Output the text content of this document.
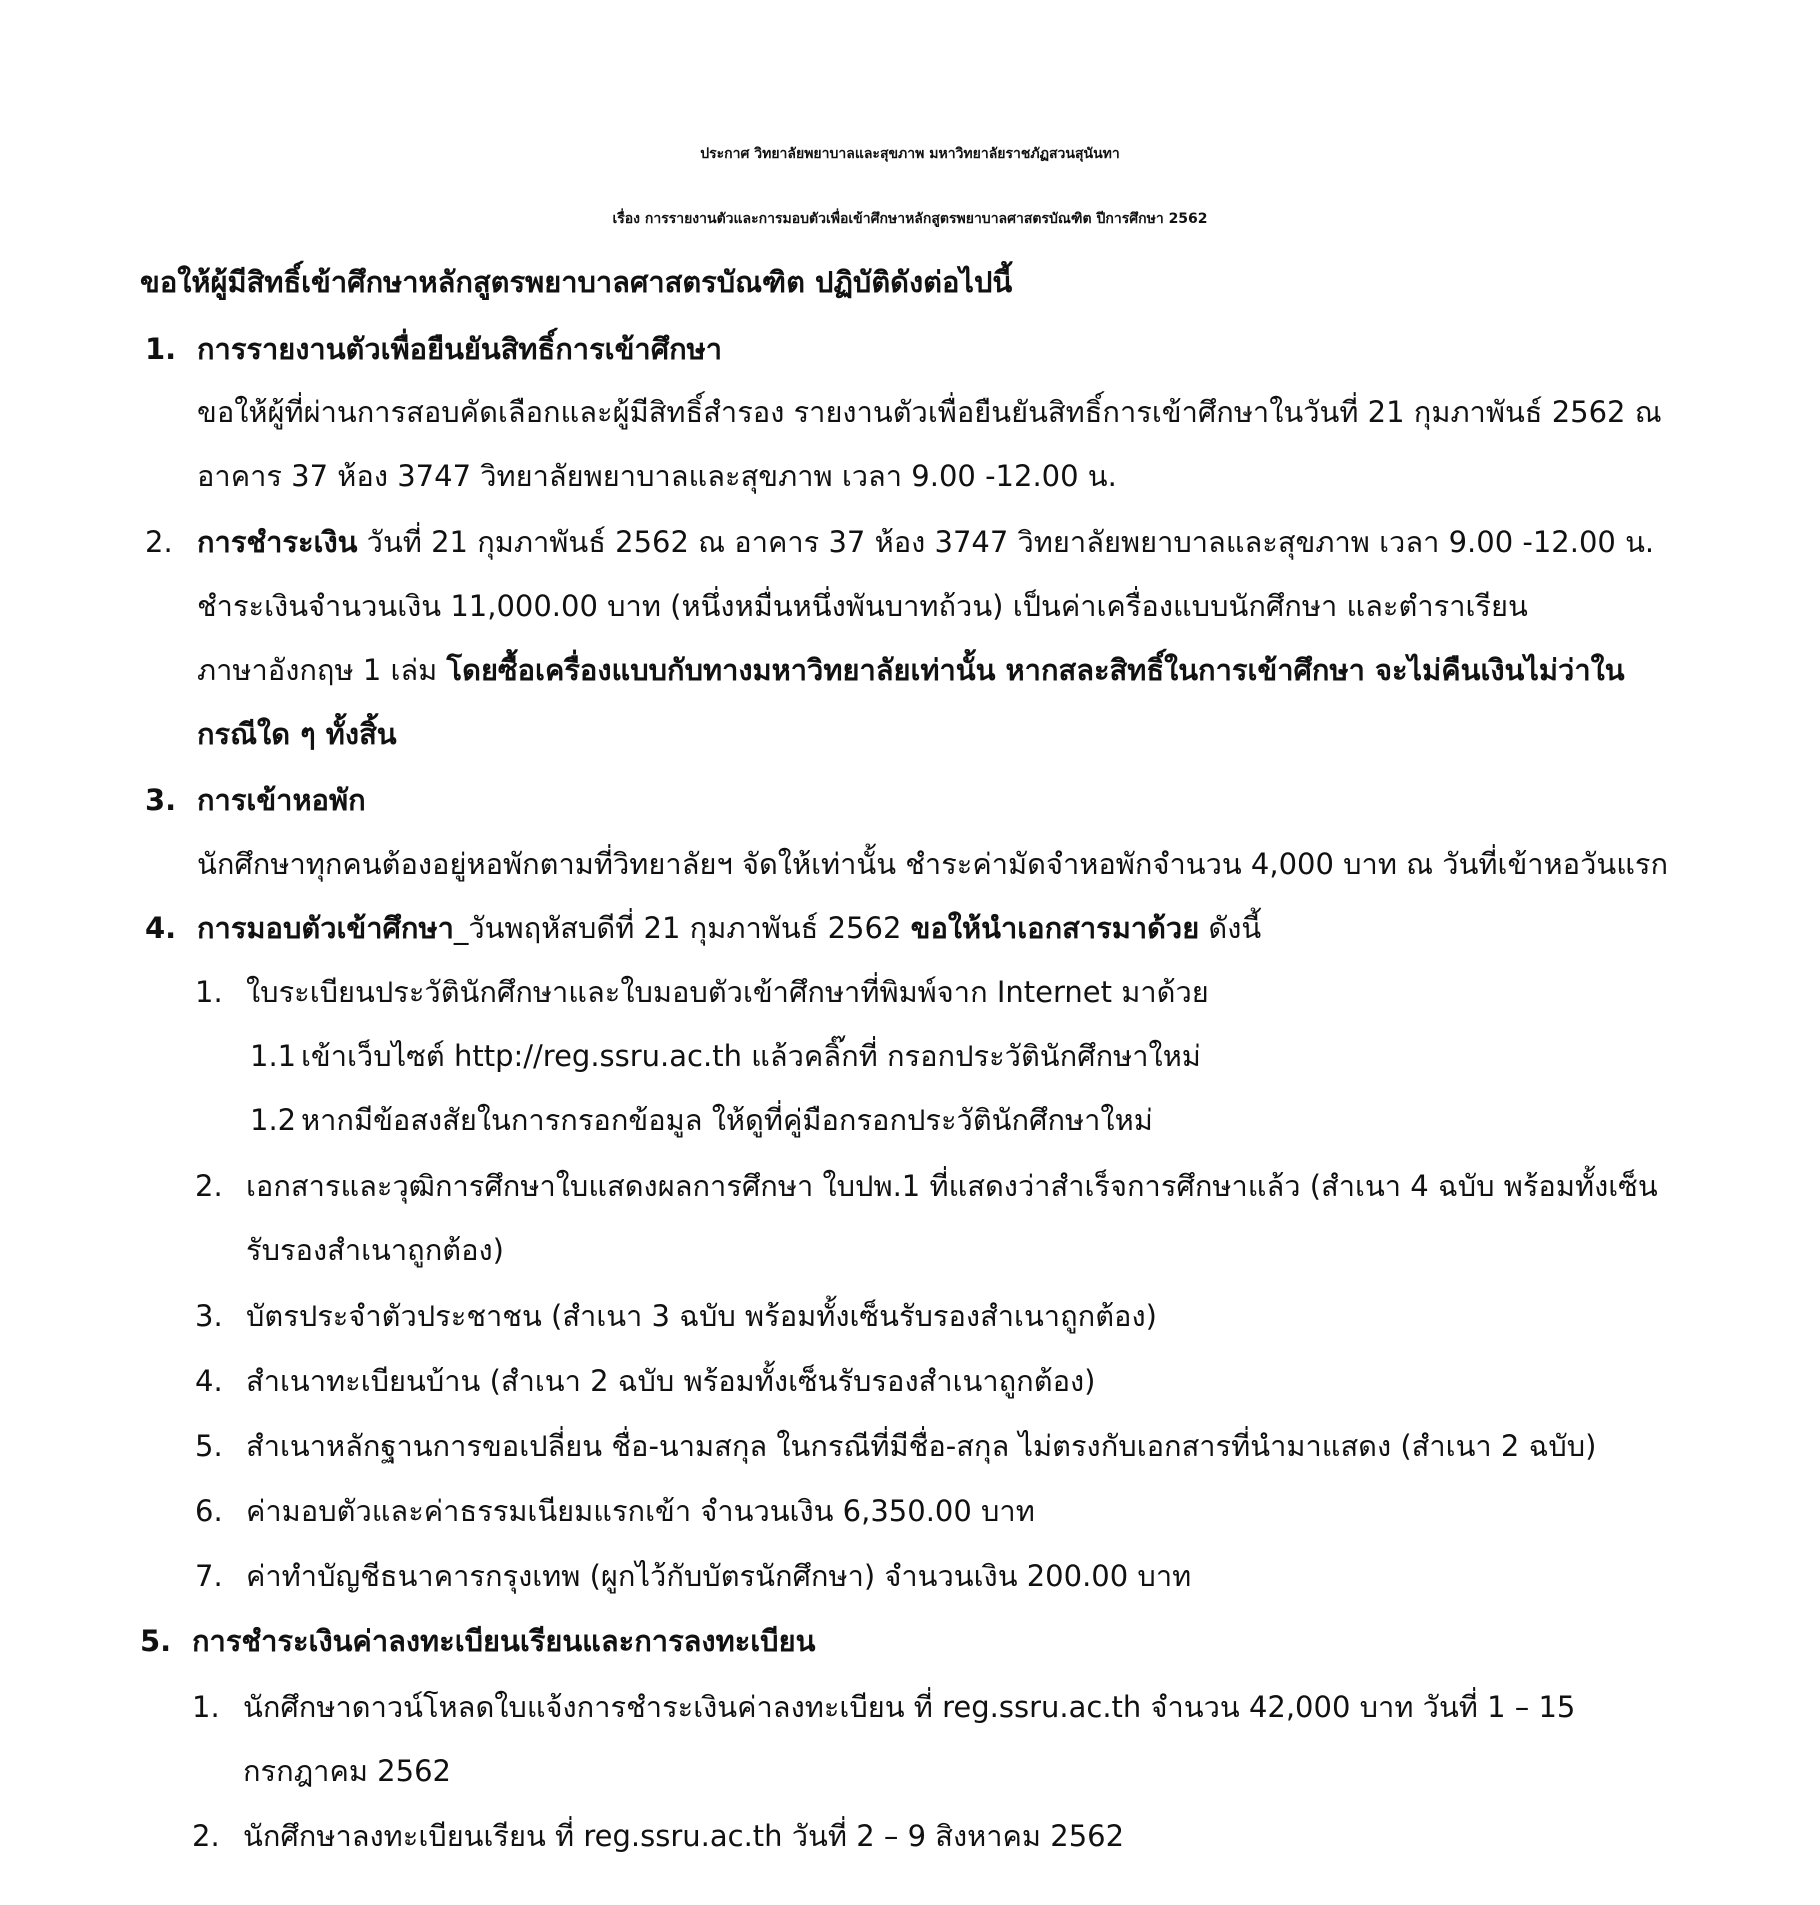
ประกาศ วิทยาลัยพยาบาลและสุขภาพ มหาวิทยาลัยราชภัฏสวนสุนันทา
เรื่อง การรายงานตัวและการมอบตัวเพื่อเข้าศึกษาหลักสูตรพยาบาลศาสตรบัณฑิต ปีการศึกษา 2562
ขอให้ผู้มีสิทธิ์เข้าศึกษาหลักสูตรพยาบาลศาสตรบัณฑิต ปฏิบัติดังต่อไปนี้
1. การรายงานตัวเพื่อยืนยันสิทธิ์การเข้าศึกษา
ขอให้ผู้ที่ผ่านการสอบคัดเลือกและผู้มีสิทธิ์สำรอง รายงานตัวเพื่อยืนยันสิทธิ์การเข้าศึกษาในวันที่ 21 กุมภาพันธ์ 2562 ณ
อาคาร 37 ห้อง 3747 วิทยาลัยพยาบาลและสุขภาพ เวลา 9.00 -12.00 น.
2. การชำระเงิน วันที่ 21 กุมภาพันธ์ 2562 ณ อาคาร 37 ห้อง 3747 วิทยาลัยพยาบาลและสุขภาพ เวลา 9.00 -12.00 น.
ชำระเงินจำนวนเงิน 11,000.00 บาท (หนึ่งหมื่นหนึ่งพันบาทถ้วน) เป็นค่าเครื่องแบบนักศึกษา และตำราเรียน
ภาษาอังกฤษ 1 เล่ม โดยซื้อเครื่องแบบกับทางมหาวิทยาลัยเท่านั้น หากสละสิทธิ์ในการเข้าศึกษา จะไม่คืนเงินไม่ว่าใน
กรณีใด ๆ ทั้งสิ้น
3. การเข้าหอพัก
นักศึกษาทุกคนต้องอยู่หอพักตามที่วิทยาลัยฯ จัดให้เท่านั้น ชำระค่ามัดจำหอพักจำนวน 4,000 บาท ณ วันที่เข้าหอวันแรก
4. การมอบตัวเข้าศึกษา_วันพฤหัสบดีที่ 21 กุมภาพันธ์ 2562 ขอให้นำเอกสารมาด้วย ดังนี้
1. ใบระเบียนประวัตินักศึกษาและใบมอบตัวเข้าศึกษาที่พิมพ์จาก Internet มาด้วย
1.1 เข้าเว็บไซต์ http://reg.ssru.ac.th แล้วคลิ๊กที่ กรอกประวัตินักศึกษาใหม่
1.2 หากมีข้อสงสัยในการกรอกข้อมูล ให้ดูที่คู่มือกรอกประวัตินักศึกษาใหม่
2. เอกสารและวุฒิการศึกษาใบแสดงผลการศึกษา ใบปพ.1 ที่แสดงว่าสำเร็จการศึกษาแล้ว (สำเนา 4 ฉบับ พร้อมทั้งเซ็น
รับรองสำเนาถูกต้อง)
3. บัตรประจำตัวประชาชน (สำเนา 3 ฉบับ พร้อมทั้งเซ็นรับรองสำเนาถูกต้อง)
4. สำเนาทะเบียนบ้าน (สำเนา 2 ฉบับ พร้อมทั้งเซ็นรับรองสำเนาถูกต้อง)
5. สำเนาหลักฐานการขอเปลี่ยน ชื่อ-นามสกุล ในกรณีที่มีชื่อ-สกุล ไม่ตรงกับเอกสารที่นำมาแสดง (สำเนา 2 ฉบับ)
6. ค่ามอบตัวและค่าธรรมเนียมแรกเข้า จำนวนเงิน 6,350.00 บาท
7. ค่าทำบัญชีธนาคารกรุงเทพ (ผูกไว้กับบัตรนักศึกษา) จำนวนเงิน 200.00 บาท
5. การชำระเงินค่าลงทะเบียนเรียนและการลงทะเบียน
1. นักศึกษาดาวน์โหลดใบแจ้งการชำระเงินค่าลงทะเบียน ที่ reg.ssru.ac.th จำนวน 42,000 บาท วันที่ 1 – 15
กรกฎาคม 2562
2. นักศึกษาลงทะเบียนเรียน ที่ reg.ssru.ac.th วันที่ 2 – 9 สิงหาคม 2562
